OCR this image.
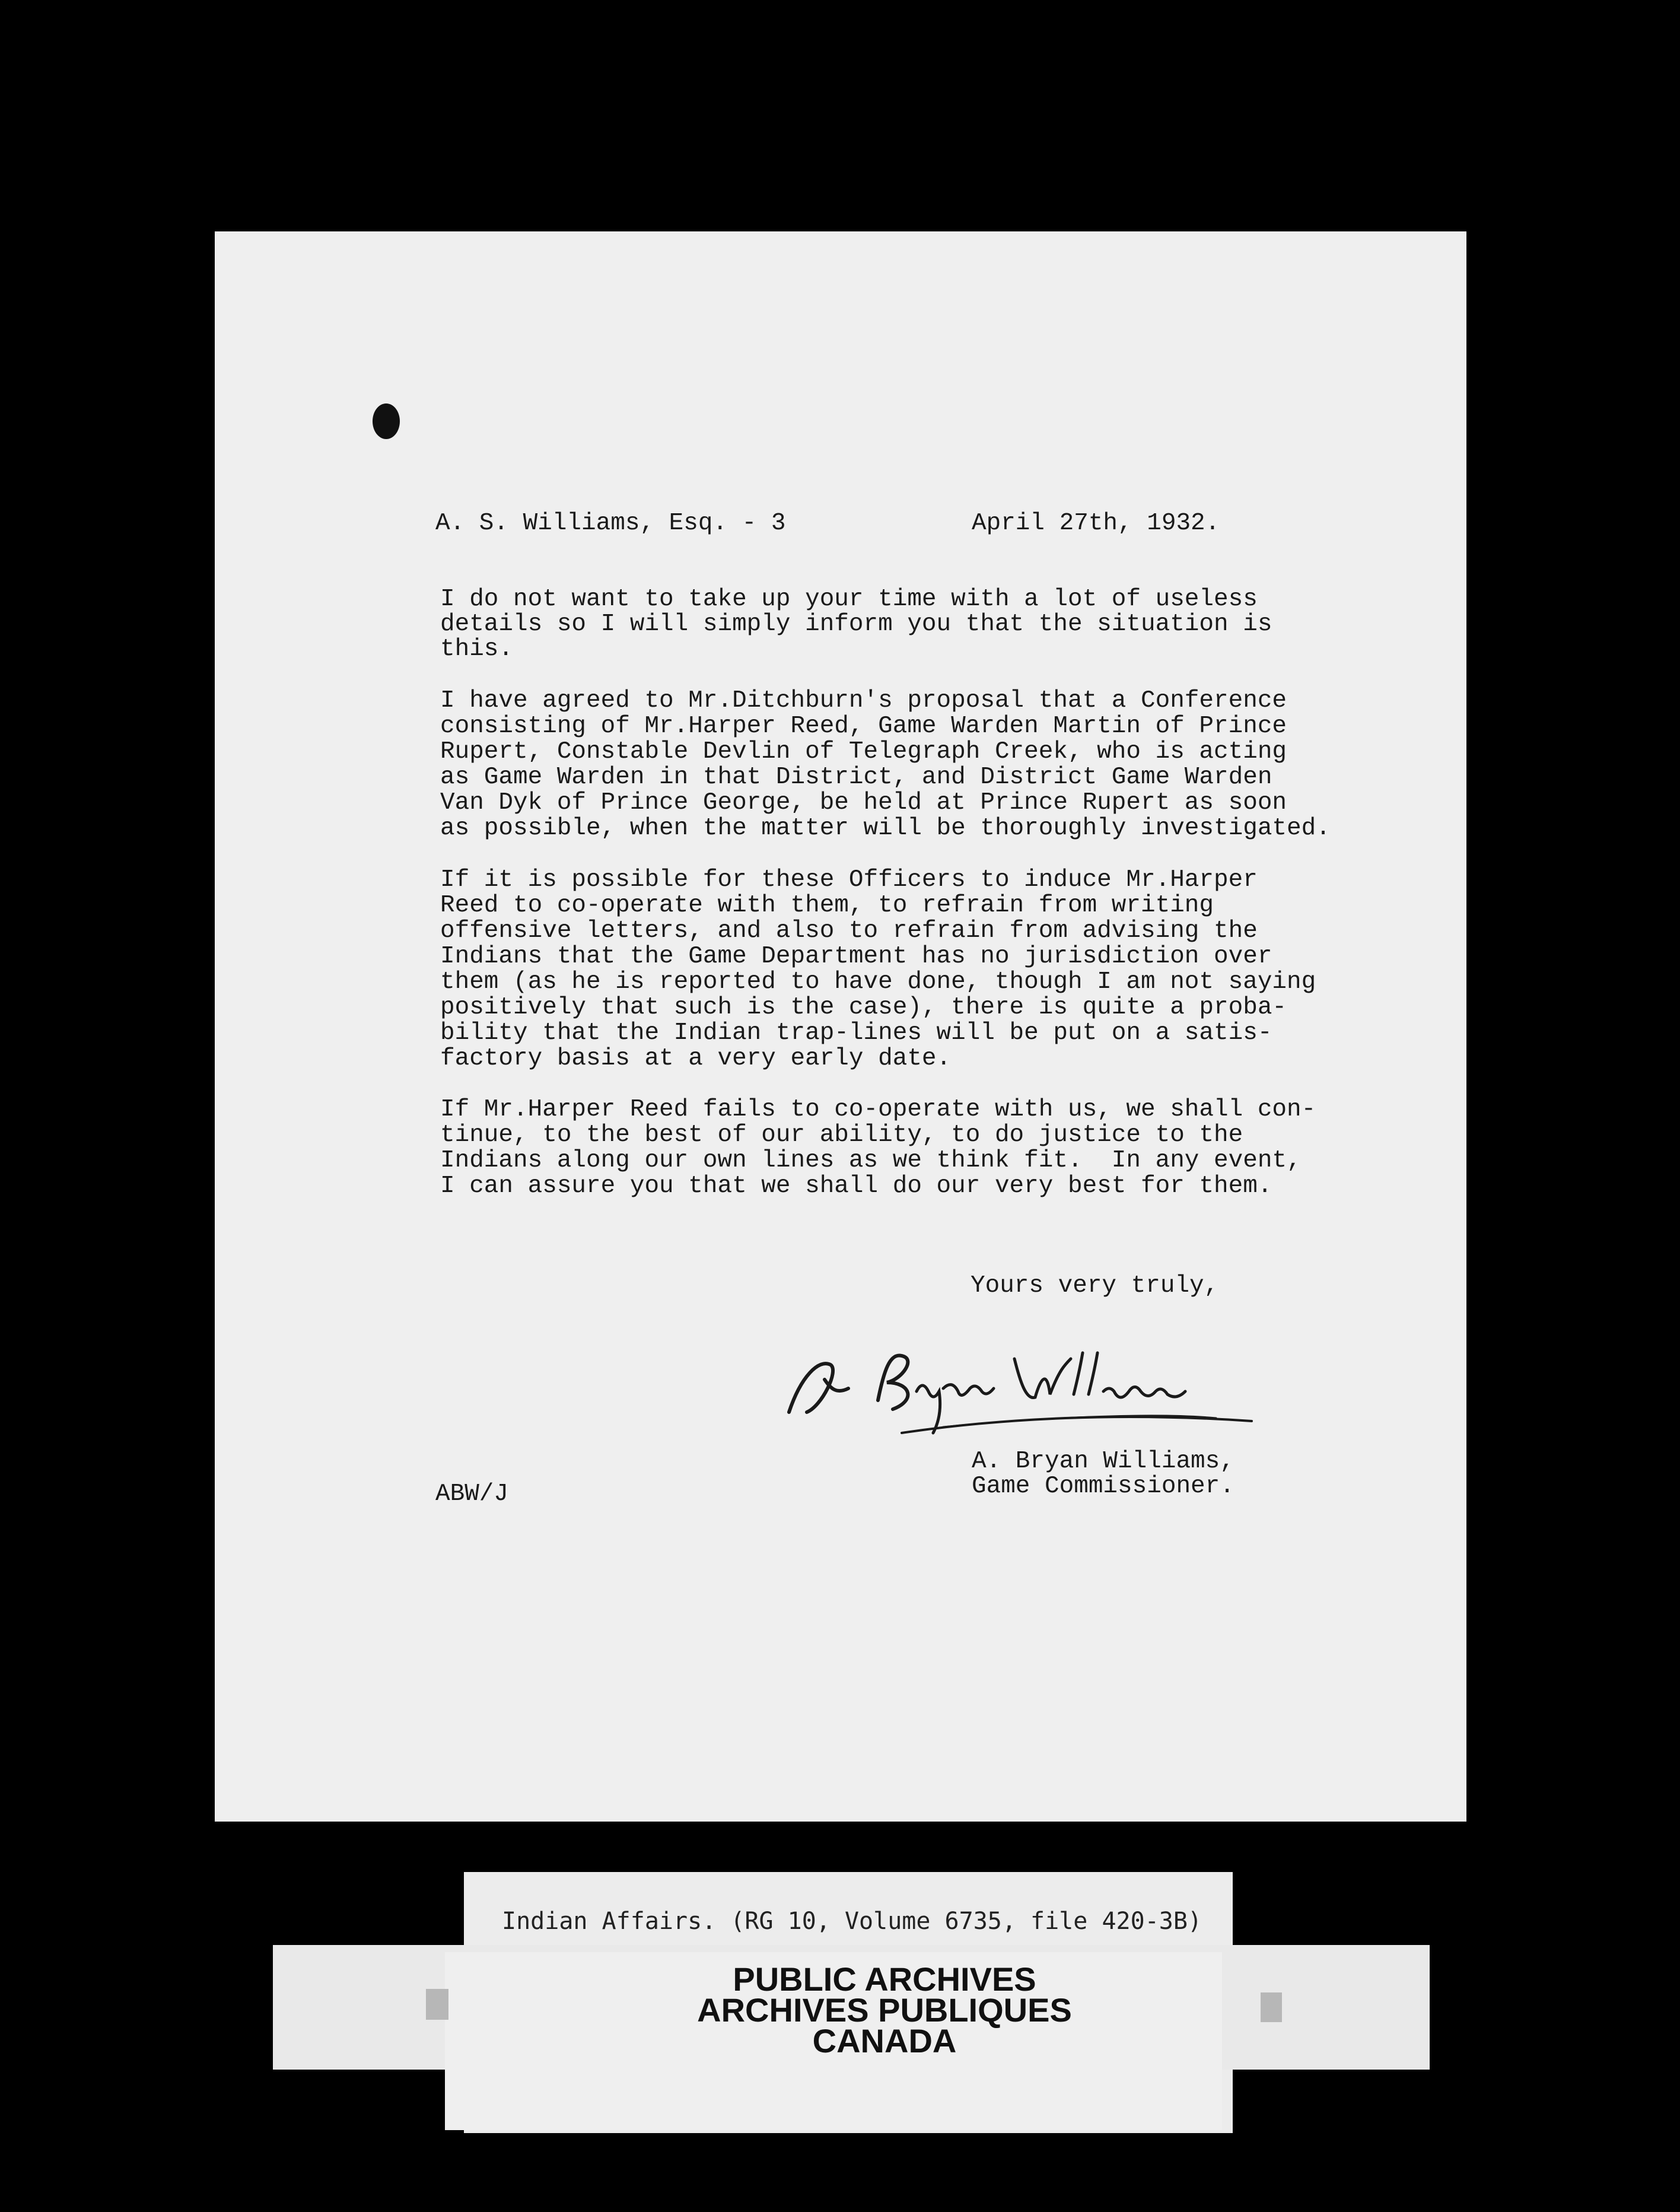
A. S. Williams, Esq. - 3	April 27th, 1932.
I do not want to take up your time with a lot of useless
details so I will simply inform you that the situation is
this.
I have agreed to Mr.Ditchburn's proposal that a Conference
consisting of Mr.Harper Reed, Game Warden Martin of Prince
Rupert, Constable Devlin of Telegraph Creek, who is acting
as Game Warden in that District, and District Game Warden
Van Dyk of Prince George, be held at Prince Rupert as soon
as possible, when the matter will be thoroughly investigated.
If it is possible for these Officers to induce Mr.Harper
Reed to co-operate with them, to refrain from writing
offensive letters, and also to refrain from advising the
Indians that the Game Department has no jurisdiction over
them (as he is reported to have done, though I am not saying
positively that such is the case), there is quite a proba-
bility that the Indian trap-lines will be put on a satis-
factory basis at a very early date.
If Mr.Harper Reed fails to co-operate with us, we shall con-
tinue, to the best of our ability, to do justice to the
Indians along our own lines as we think fit.  In any event,
I can assure you that we shall do our very best for them.
Yours very truly,
A. Bryan Williams,
Game Commissioner.
ABW/J
Indian Affairs. (RG 10, Volume 6735, file 420-3B)
PUBLIC ARCHIVES
ARCHIVES PUBLIQUES
CANADA
